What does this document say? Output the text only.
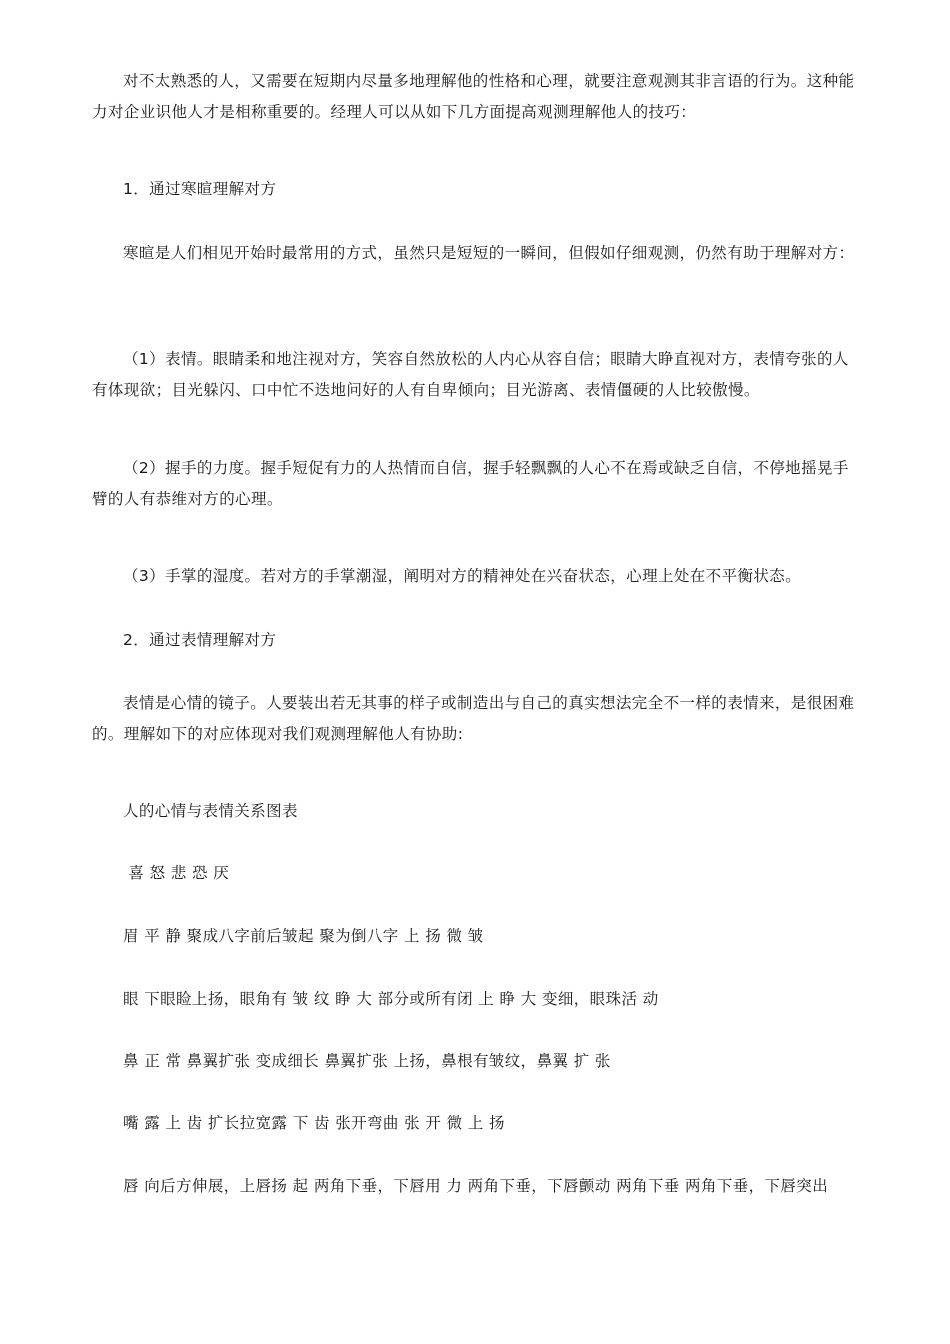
对不太熟悉的人，又需要在短期内尽量多地理解他的性格和心理，就要注意观测其非言语的行为。这种能力对企业识他人才是相称重要的。经理人可以从如下几方面提高观测理解他人的技巧：

1．通过寒暄理解对方

寒暄是人们相见开始时最常用的方式，虽然只是短短的一瞬间，但假如仔细观测，仍然有助于理解对方：

（1）表情。眼睛柔和地注视对方，笑容自然放松的人内心从容自信；眼睛大睁直视对方，表情夸张的人有体现欲；目光躲闪、口中忙不迭地问好的人有自卑倾向；目光游离、表情僵硬的人比较傲慢。

（2）握手的力度。握手短促有力的人热情而自信，握手轻飘飘的人心不在焉或缺乏自信，不停地摇晃手臂的人有恭维对方的心理。

（3）手掌的湿度。若对方的手掌潮湿，阐明对方的精神处在兴奋状态，心理上处在不平衡状态。

2．通过表情理解对方

表情是心情的镜子。人要装出若无其事的样子或制造出与自己的真实想法完全不一样的表情来，是很困难的。理解如下的对应体现对我们观测理解他人有协助:

人的心情与表情关系图表

喜 怒 悲 恐 厌

眉 平 静 聚成八字前后皱起 聚为倒八字 上 扬 微 皱

眼 下眼睑上扬，眼角有 皱 纹 睁 大 部分或所有闭 上 睁 大 变细，眼珠活 动

鼻 正 常 鼻翼扩张 变成细长 鼻翼扩张 上扬，鼻根有皱纹，鼻翼 扩 张

嘴 露 上 齿 扩长拉宽露 下 齿 张开弯曲 张 开 微 上 扬

唇 向后方伸展，上唇扬 起 两角下垂，下唇用 力 两角下垂，下唇颤动 两角下垂 两角下垂，下唇突出
